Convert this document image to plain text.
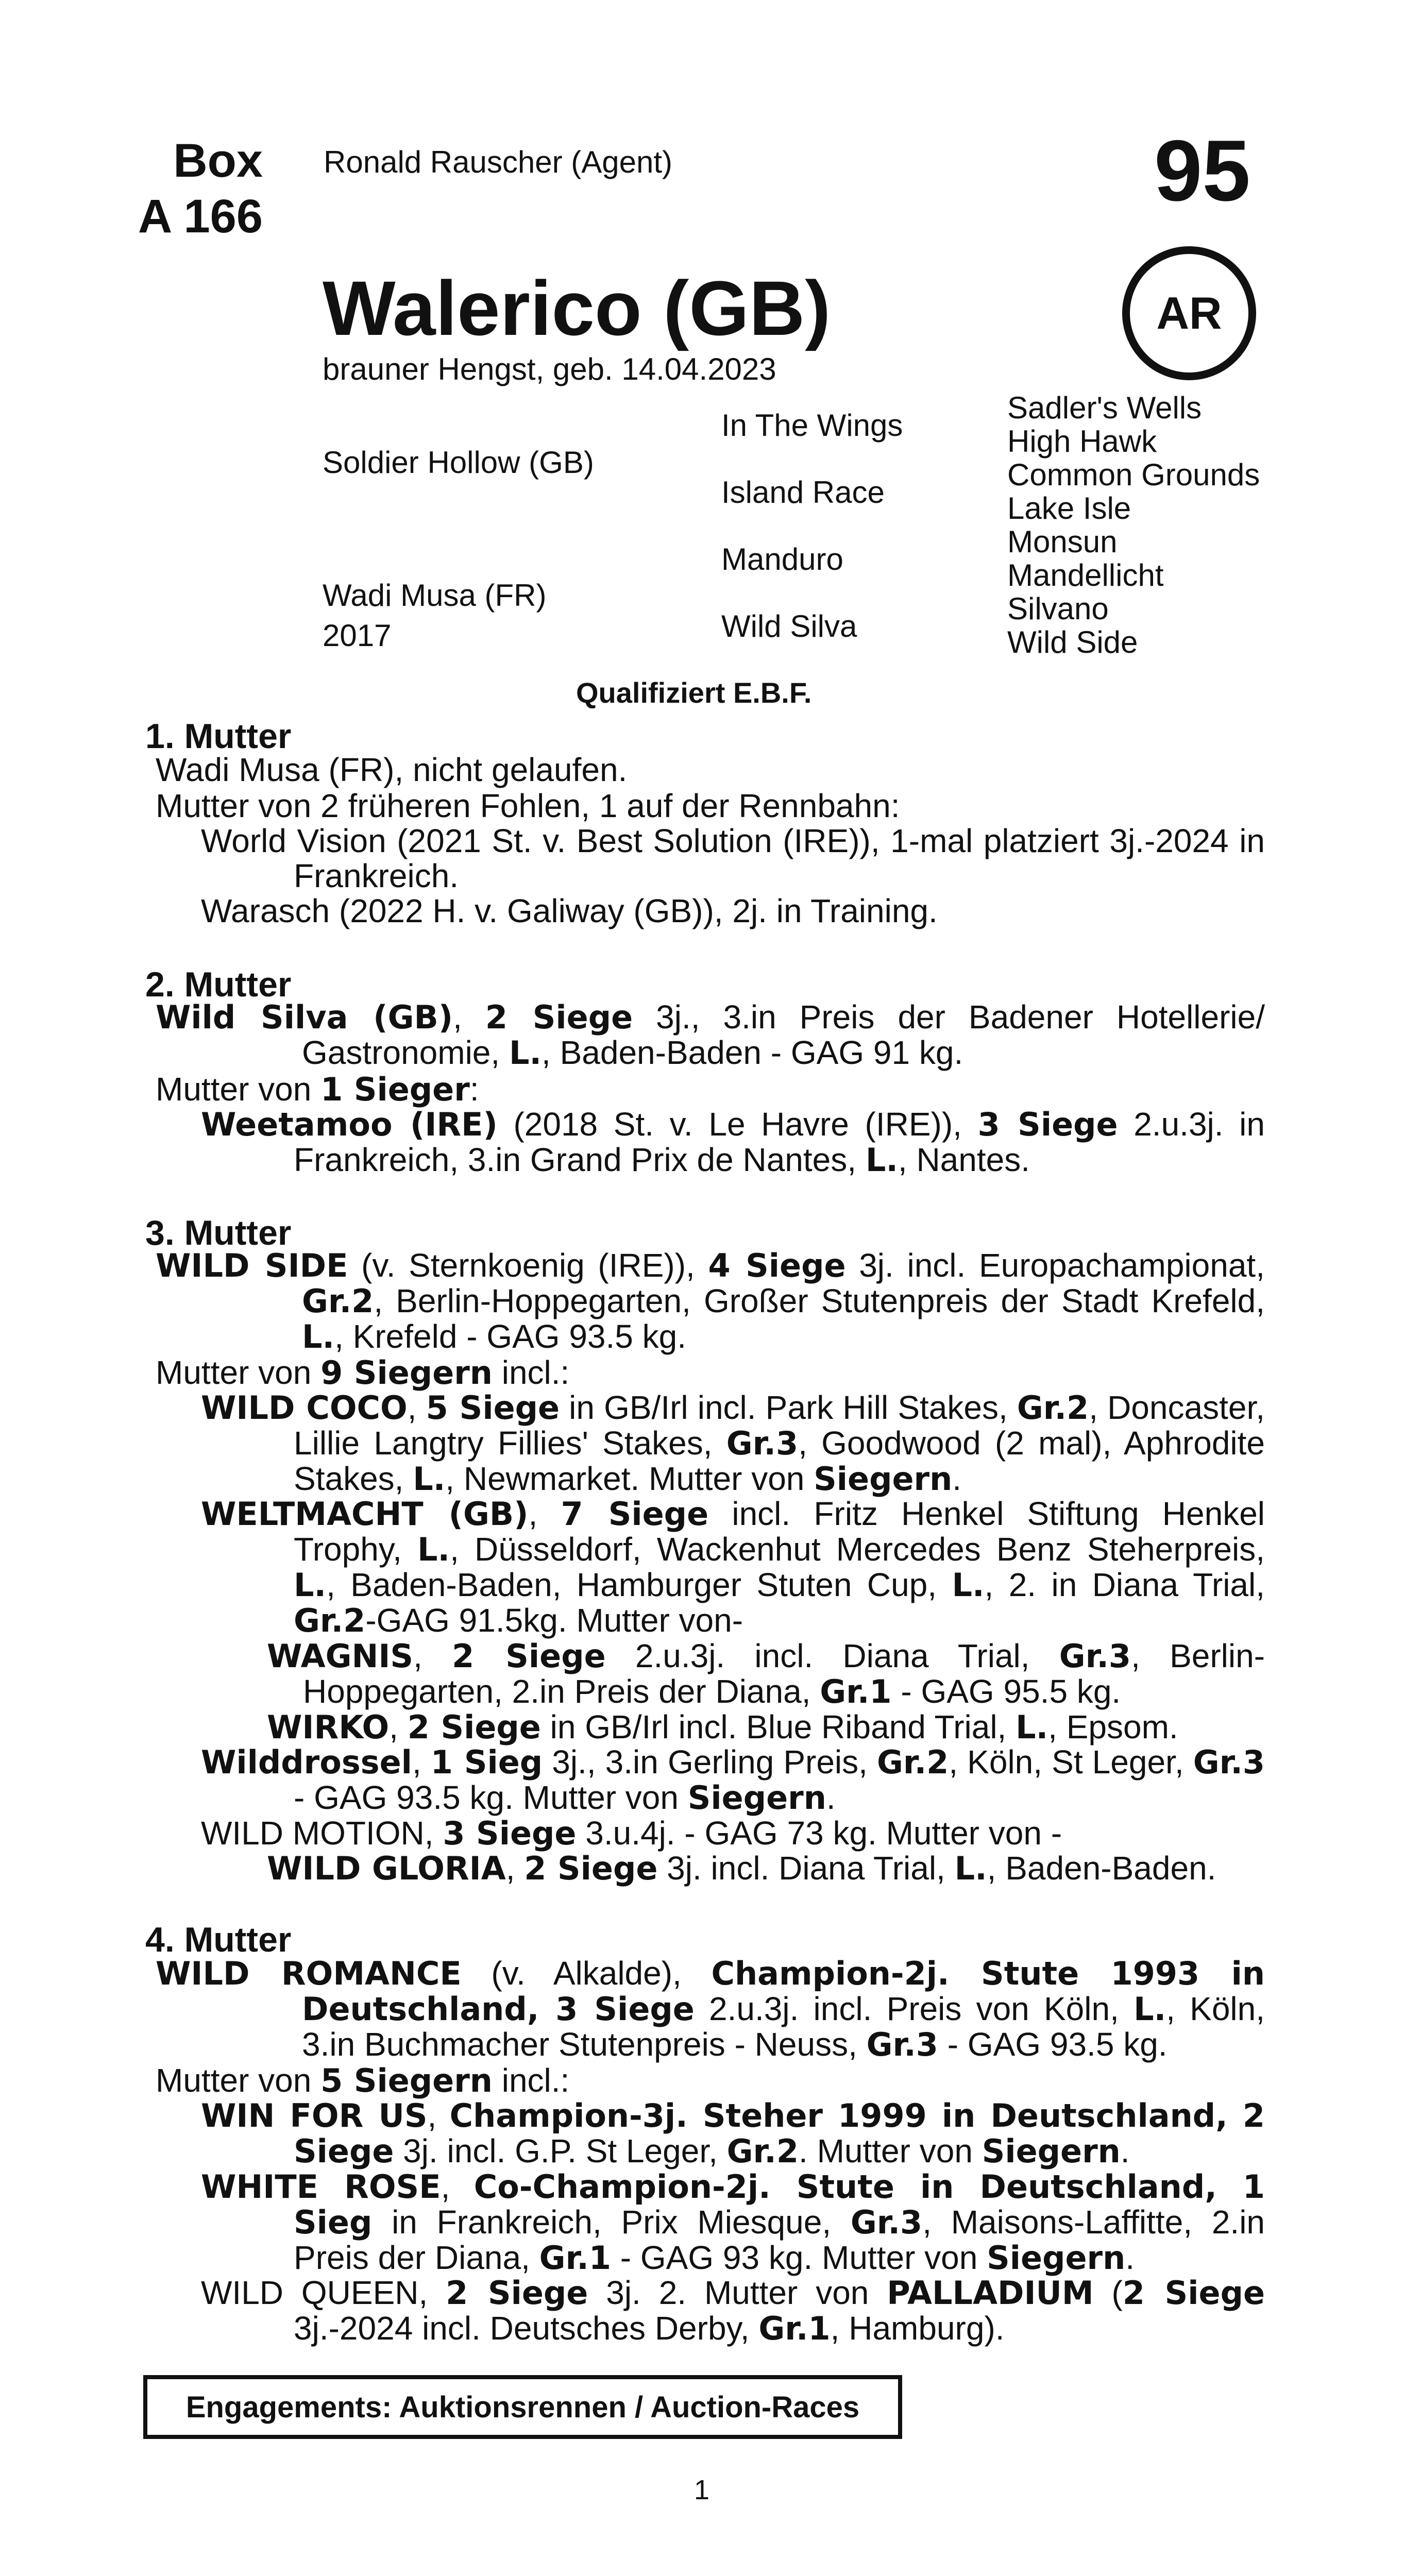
Box
A 166
Ronald Rauscher (Agent)	95
AR
Walerico (GB)
brauner Hengst, geb. 14.04.2023
Soldier Hollow (GB)
Wadi Musa (FR)
2017
In The Wings
Island Race
Manduro
Wild Silva
Sadler's Wells
High Hawk
Common Grounds
Lake Isle
Monsun
Mandellicht
Silvano
Wild Side
Qualifiziert E.B.F.
1. Mutter
Wadi Musa (FR), nicht gelaufen.
Mutter von 2 früheren Fohlen, 1 auf der Rennbahn:
World Vision (2021 St. v. Best Solution (IRE)), 1-mal platziert 3j.-2024 in Frankreich.
Warasch (2022 H. v. Galiway (GB)), 2j. in Training.
2. Mutter
Wild Silva (GB), 2 Siege 3j., 3.in Preis der Badener Hotellerie/ Gastronomie, L., Baden-Baden - GAG 91 kg.
Mutter von 1 Sieger:
Weetamoo (IRE) (2018 St. v. Le Havre (IRE)), 3 Siege 2.u.3j. in Frankreich, 3.in Grand Prix de Nantes, L., Nantes.
3. Mutter
WILD SIDE (v. Sternkoenig (IRE)), 4 Siege 3j. incl. Europachampionat, Gr.2, Berlin-Hoppegarten, Großer Stutenpreis der Stadt Krefeld, L., Krefeld - GAG 93.5 kg.
Mutter von 9 Siegern incl.:
WILD COCO, 5 Siege in GB/Irl incl. Park Hill Stakes, Gr.2, Doncaster, Lillie Langtry Fillies' Stakes, Gr.3, Goodwood (2 mal), Aphrodite Stakes, L., Newmarket. Mutter von Siegern.
WELTMACHT (GB), 7 Siege incl. Fritz Henkel Stiftung Henkel Trophy, L., Düsseldorf, Wackenhut Mercedes Benz Steherpreis, L., Baden-Baden, Hamburger Stuten Cup, L., 2. in Diana Trial, Gr.2-GAG 91.5kg. Mutter von-
WAGNIS, 2 Siege 2.u.3j. incl. Diana Trial, Gr.3, Berlin-Hoppegarten, 2.in Preis der Diana, Gr.1 - GAG 95.5 kg.
WIRKO, 2 Siege in GB/Irl incl. Blue Riband Trial, L., Epsom.
Wilddrossel, 1 Sieg 3j., 3.in Gerling Preis, Gr.2, Köln, St Leger, Gr.3 - GAG 93.5 kg. Mutter von Siegern.
WILD MOTION, 3 Siege 3.u.4j. - GAG 73 kg. Mutter von -
WILD GLORIA, 2 Siege 3j. incl. Diana Trial, L., Baden-Baden.
4. Mutter
WILD ROMANCE (v. Alkalde), Champion-2j. Stute 1993 in Deutschland, 3 Siege 2.u.3j. incl. Preis von Köln, L., Köln, 3.in Buchmacher Stutenpreis - Neuss, Gr.3 - GAG 93.5 kg.
Mutter von 5 Siegern incl.:
WIN FOR US, Champion-3j. Steher 1999 in Deutschland, 2 Siege 3j. incl. G.P. St Leger, Gr.2. Mutter von Siegern.
WHITE ROSE, Co-Champion-2j. Stute in Deutschland, 1 Sieg in Frankreich, Prix Miesque, Gr.3, Maisons-Laffitte, 2.in Preis der Diana, Gr.1 - GAG 93 kg. Mutter von Siegern.
WILD QUEEN, 2 Siege 3j. 2. Mutter von PALLADIUM (2 Siege 3j.-2024 incl. Deutsches Derby, Gr.1, Hamburg).
Engagements: Auktionsrennen / Auction-Races
1
